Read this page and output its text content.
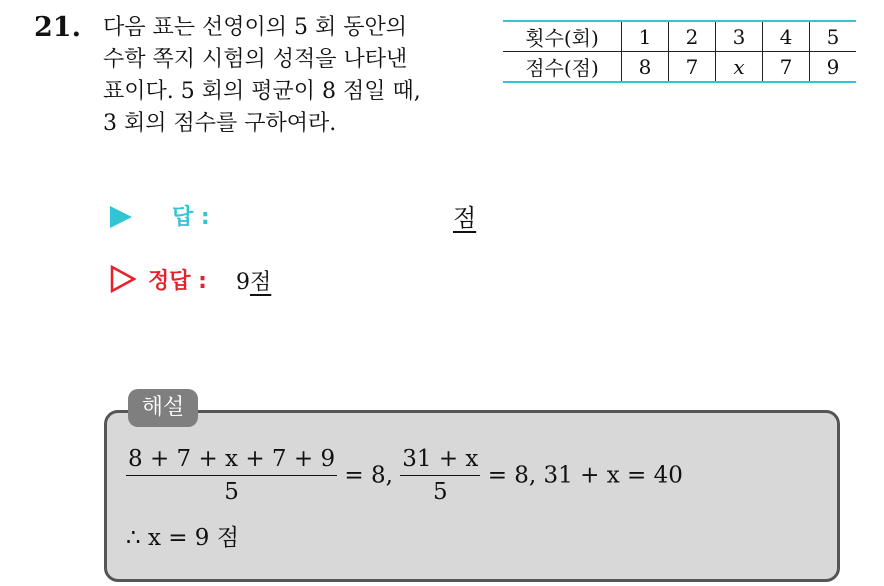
21. 다음 표는 선영이의 5 회 동안의
수학 쪽지 시험의 성적을 나타낸
표이다. 5 회의 평균이 8 점일 때,
3 회의 점수를 구하여라.
횟수(회)	1	2	3	4	5
점수(점)	8	7	x	7	9
답 :	점
정답 : 9점
해설
$\frac{8 + 7 + x + 7 + 9}{5} = 8$, $\frac{31 + x}{5} = 8$, 31 + x = 40
∴ x = 9 점
